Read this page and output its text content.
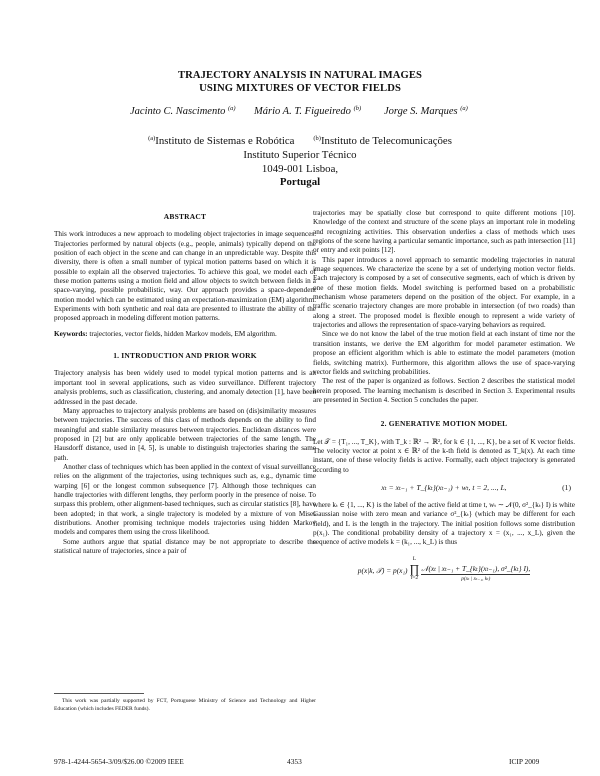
TRAJECTORY ANALYSIS IN NATURAL IMAGES
USING MIXTURES OF VECTOR FIELDS
Jacinto C. Nascimento $^{(a)}$ Mário A. T. Figueiredo $^{(b)}$ Jorge S. Marques $^{(a)}$
$^{(a)}$Instituto de Sistemas e Robótica	$^{(b)}$Instituto de Telecomunicações
Instituto Superior Técnico
1049-001 Lisboa,
Portugal
ABSTRACT

This work introduces a new approach to modeling object trajectories in image sequences. Trajectories performed by natural objects (e.g., people, animals) typically depend on the position of each object in the scene and can change in an unpredictable way. Despite this diversity, there is often a small number of typical motion patterns based on which it is possible to explain all the observed trajectories. To achieve this goal, we model each of these motion patterns using a motion field and allow objects to switch between fields in a space-varying, possible probabilistic, way. Our approach provides a space-dependent motion model which can be estimated using an expectation-maximization (EM) algorithm. Experiments with both synthetic and real data are presented to illustrate the ability of the proposed approach in modeling different motion patterns.

Keywords: trajectories, vector fields, hidden Markov models, EM algorithm.

1. INTRODUCTION AND PRIOR WORK

Trajectory analysis has been widely used to model typical motion patterns and is an important tool in several applications, such as video surveillance. Different trajectory analysis problems, such as classification, clustering, and anomaly detection [1], have been addressed in the past decade.

Many approaches to trajectory analysis problems are based on (dis)similarity measures between trajectories. The success of this class of methods depends on the ability to find meaningful and stable similarity measures between trajectories. Euclidean distances were proposed in [2] but are only applicable between trajectories of the same length. The Hausdorff distance, used in [4, 5], is unable to distinguish trajectories sharing the same path.

Another class of techniques which has been applied in the context of visual surveillance relies on the alignment of the trajectories, using techniques such as, e.g., dynamic time warping [6] or the longest common subsequence [7]. Although those techniques can handle trajectories with different lengths, they perform poorly in the presence of noise. To surpass this problem, other alignment-based techniques, such as circular statistics [8], have been adopted; in that work, a single trajectory is modeled by a mixture of von Mises distributions. Another promising technique models trajectories using hidden Markov models and compares them using the cross likelihood.

Some authors argue that spatial distance may be not appropriate to describe the statistical nature of trajectories, since a pair of

trajectories may be spatially close but correspond to quite different motions [10]. Knowledge of the context and structure of the scene plays an important role in modeling and recognizing activities. This observation underlies a class of methods which uses regions of the scene having a particular semantic importance, such as path intersection [11] or entry and exit points [12].

This paper introduces a novel approach to semantic modeling trajectories in natural image sequences. We characterize the scene by a set of underlying motion vector fields. Each trajectory is composed by a set of consecutive segments, each of which is driven by one of these motion fields. Model switching is performed based on a probabilistic mechanism whose parameters depend on the position of the object. For example, in a traffic scenario trajectory changes are more probable in intersection (of two roads) than along a street. The proposed model is flexible enough to represent a wide variety of trajectories and allows the representation of space-varying behaviors as required.

Since we do not know the label of the true motion field at each instant of time nor the transition instants, we derive the EM algorithm for model parameter estimation. We propose an efficient algorithm which is able to estimate the model parameters (motion fields, switching matrix). Furthermore, this algorithm allows the use of space-varying vector fields and switching probabilities.

The rest of the paper is organized as follows. Section 2 describes the statistical model herein proposed. The learning mechanism is described in Section 3. Experimental results are presented in Section 4. Section 5 concludes the paper.

2. GENERATIVE MOTION MODEL

Let 𝒯 = {T₁, ..., T_K}, with T_k : ℝ² → ℝ², for k ∈ {1, ..., K}, be a set of K vector fields. The velocity vector at point x ∈ ℝ² of the k-th field is denoted as T_k(x). At each time instant, one of these velocity fields is active. Formally, each object trajectory is generated according to

xₜ = xₜ₋₁ + T_{kₜ}(xₜ₋₁) + wₜ, t = 2, ..., L,	(1)

where kₜ ∈ {1, ..., K} is the label of the active field at time t, wₜ ∼ 𝒩(0, σ²_{kₜ} I) is white Gaussian noise with zero mean and variance σ²_{kₜ} (which may be different for each field), and L is the length in the trajectory. The initial position follows some distribution p(x₁). The conditional probability density of a trajectory x = (x₁, ..., x_L), given the sequence of active models k = (k₁, ..., k_L) is thus

p(x|k, 𝒯) = p(x₁)
L
∏
t=2
𝒩(xₜ | xₜ₋₁ + T_{kₜ}(xₜ₋₁), σ²_{kₜ} I),
p(xₜ | xₜ₋₁, kₜ)
This work was partially supported by FCT, Portuguese Ministry of Science and Technology and Higher Education (which includes FEDER funds).
978-1-4244-5654-3/09/$26.00 ©2009 IEEE	4353	ICIP 2009
